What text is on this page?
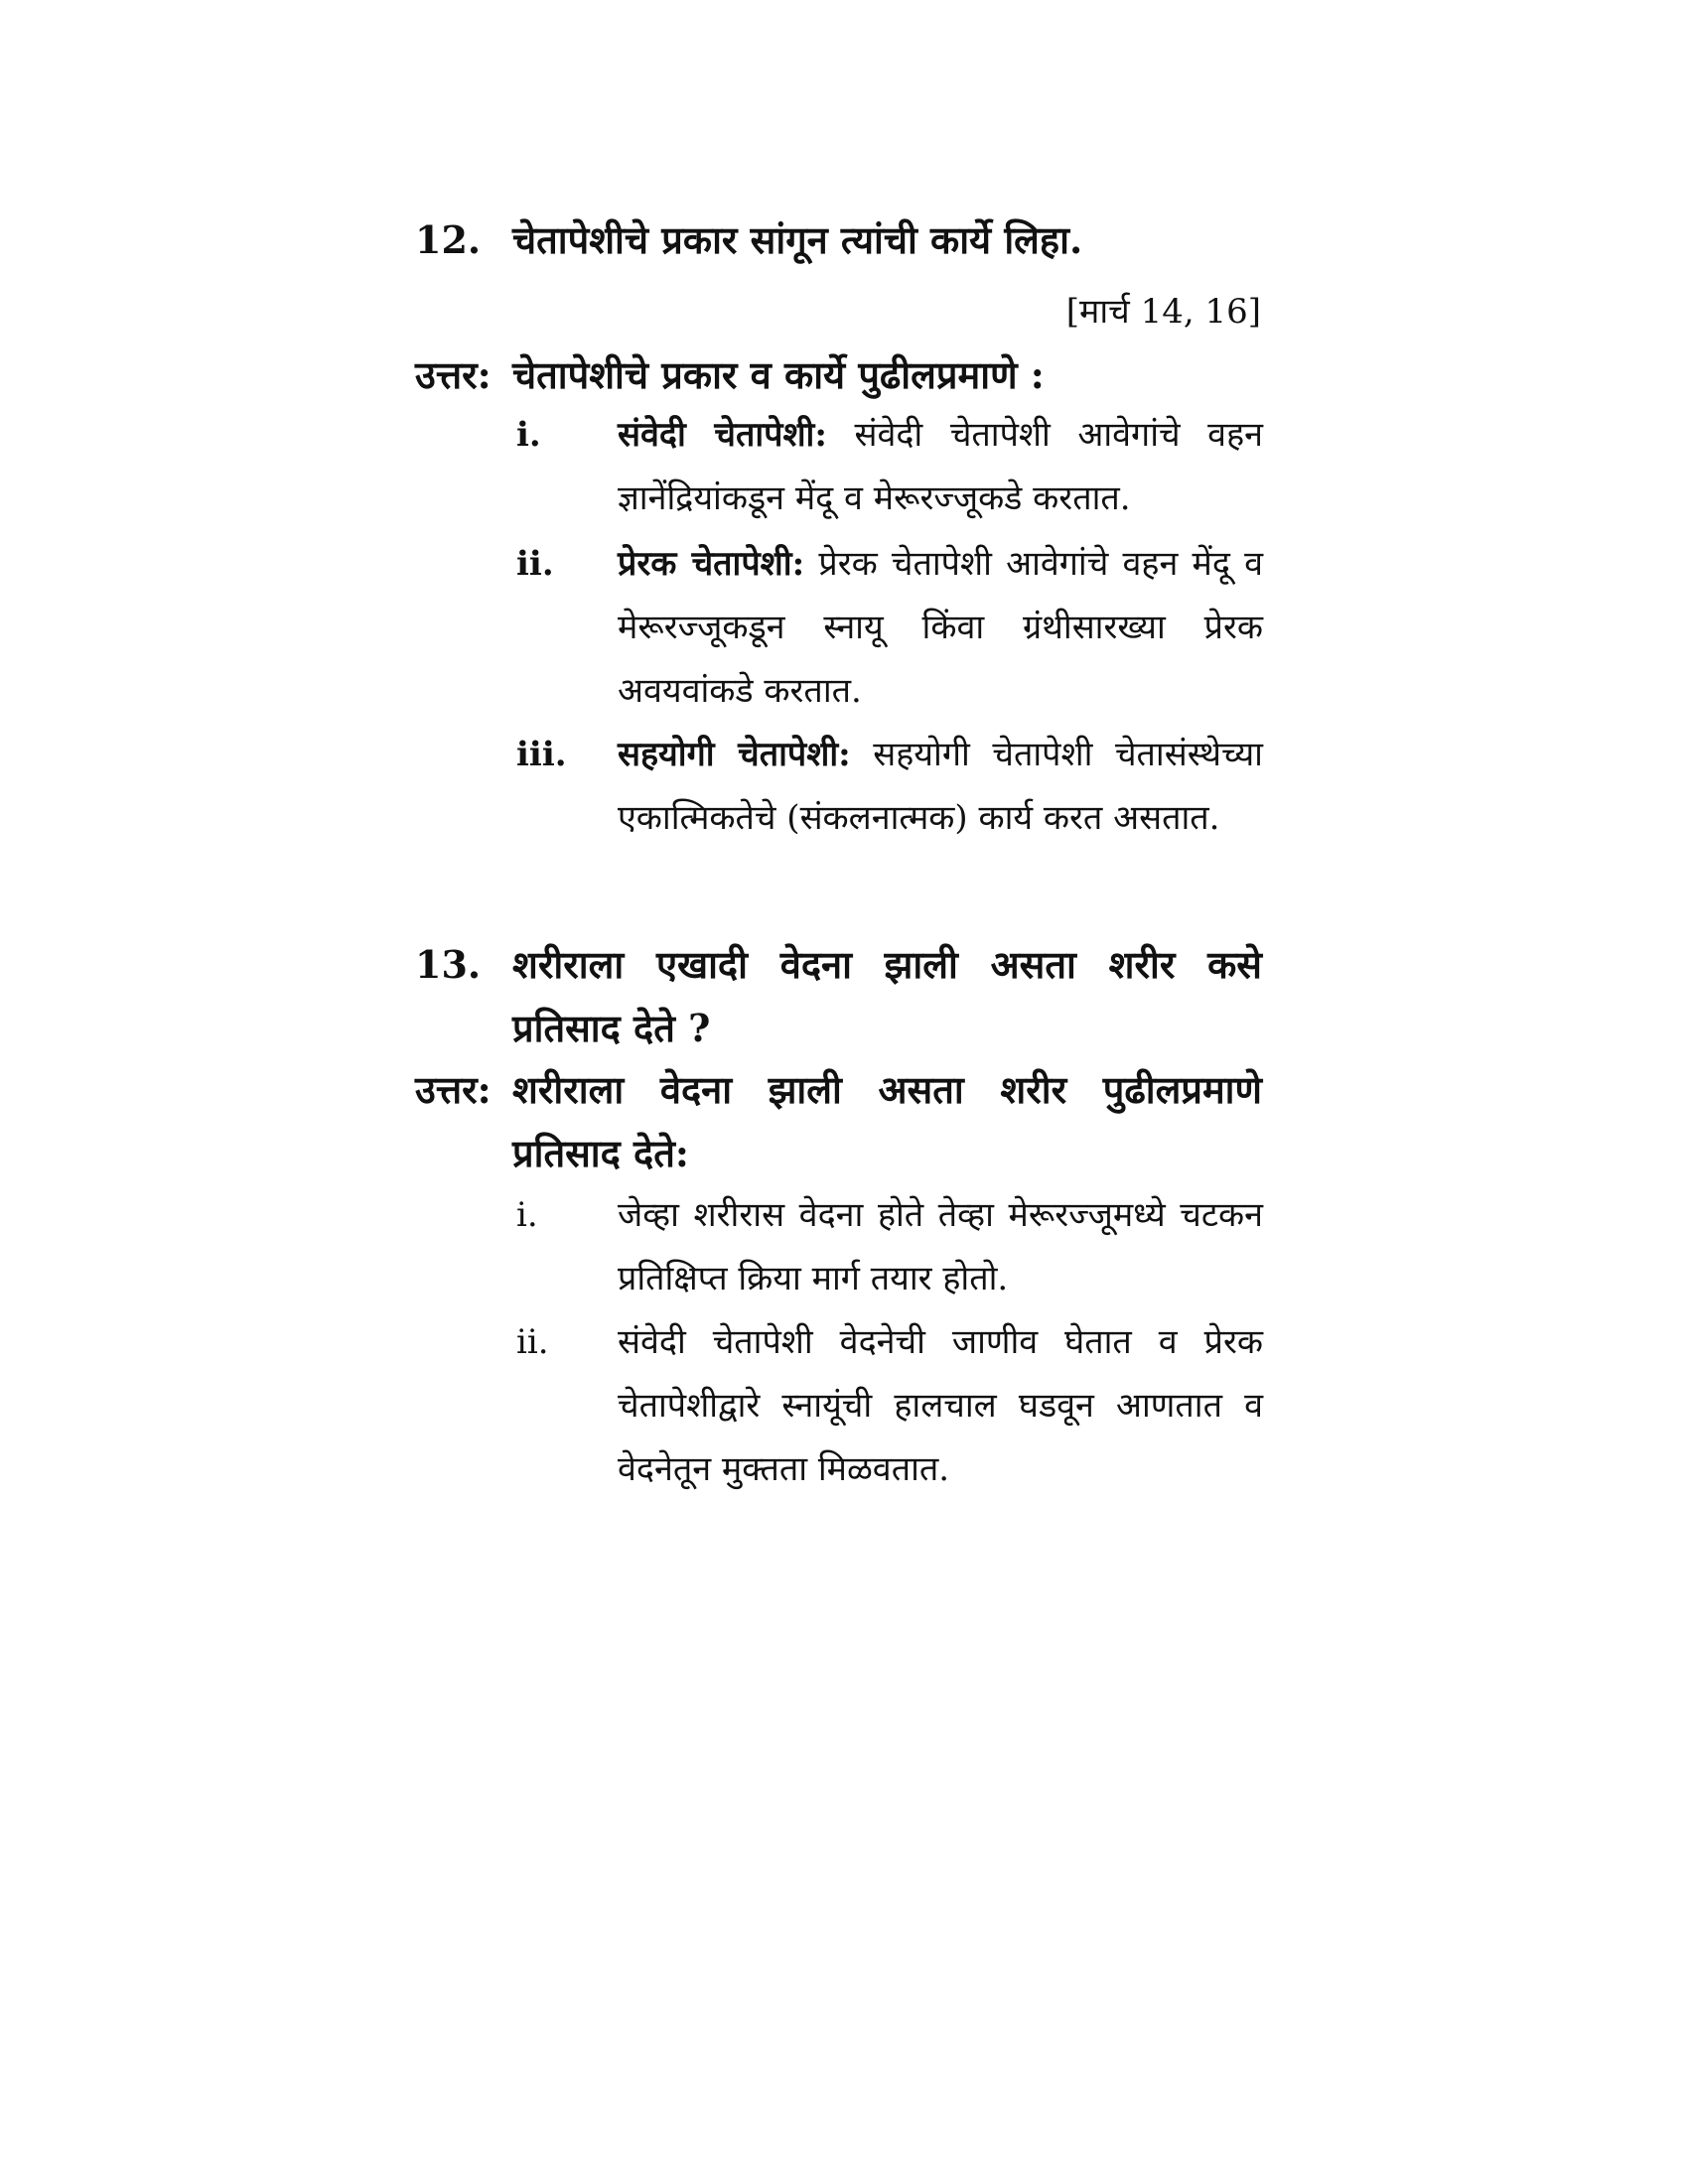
12. चेतापेशीचे प्रकार सांगून त्यांची कार्ये लिहा.
[मार्च 14, 16]
उत्तर: चेतापेशीचे प्रकार व कार्ये पुढीलप्रमाणे :
i. संवेदी चेतापेशी: संवेदी चेतापेशी आवेगांचे वहन ज्ञानेंद्रियांकडून मेंदू व मेरूरज्जूकडे करतात.
ii. प्रेरक चेतापेशी: प्रेरक चेतापेशी आवेगांचे वहन मेंदू व मेरूरज्जूकडून स्नायू किंवा ग्रंथीसारख्या प्रेरक अवयवांकडे करतात.
iii. सहयोगी चेतापेशी: सहयोगी चेतापेशी चेतासंस्थेच्या एकात्मिकतेचे (संकलनात्मक) कार्य करत असतात.
13. शरीराला एखादी वेदना झाली असता शरीर कसे प्रतिसाद देते ?
उत्तर: शरीराला वेदना झाली असता शरीर पुढीलप्रमाणे प्रतिसाद देते:
i. जेव्हा शरीरास वेदना होते तेव्हा मेरूरज्जूमध्ये चटकन प्रतिक्षिप्त क्रिया मार्ग तयार होतो.
ii. संवेदी चेतापेशी वेदनेची जाणीव घेतात व प्रेरक चेतापेशीद्वारे स्नायूंची हालचाल घडवून आणतात व वेदनेतून मुक्तता मिळवतात.
